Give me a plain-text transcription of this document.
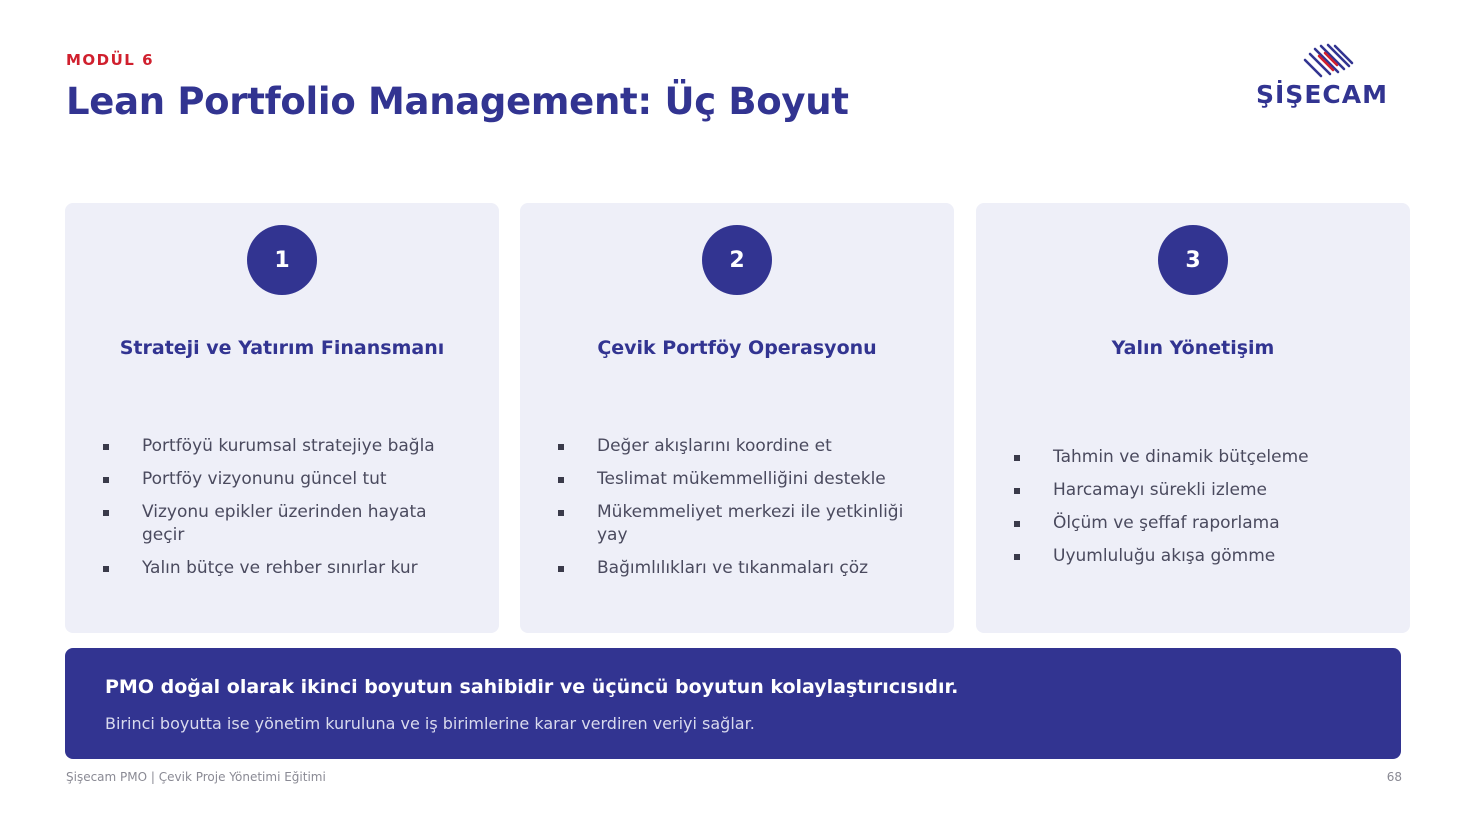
MODÜL 6
Lean Portfolio Management: Üç Boyut	ŞİŞECAM
1
Strateji ve Yatırım Finansmanı
Portföyü kurumsal stratejiye bağla
Portföy vizyonunu güncel tut
Vizyonu epikler üzerinden hayata geçir
Yalın bütçe ve rehber sınırlar kur
2
Çevik Portföy Operasyonu
Değer akışlarını koordine et
Teslimat mükemmelliğini destekle
Mükemmeliyet merkezi ile yetkinliği yay
Bağımlılıkları ve tıkanmaları çöz
3
Yalın Yönetişim
Tahmin ve dinamik bütçeleme
Harcamayı sürekli izleme
Ölçüm ve şeffaf raporlama
Uyumluluğu akışa gömme
PMO doğal olarak ikinci boyutun sahibidir ve üçüncü boyutun kolaylaştırıcısıdır.
Birinci boyutta ise yönetim kuruluna ve iş birimlerine karar verdiren veriyi sağlar.
Şişecam PMO | Çevik Proje Yönetimi Eğitimi	68
